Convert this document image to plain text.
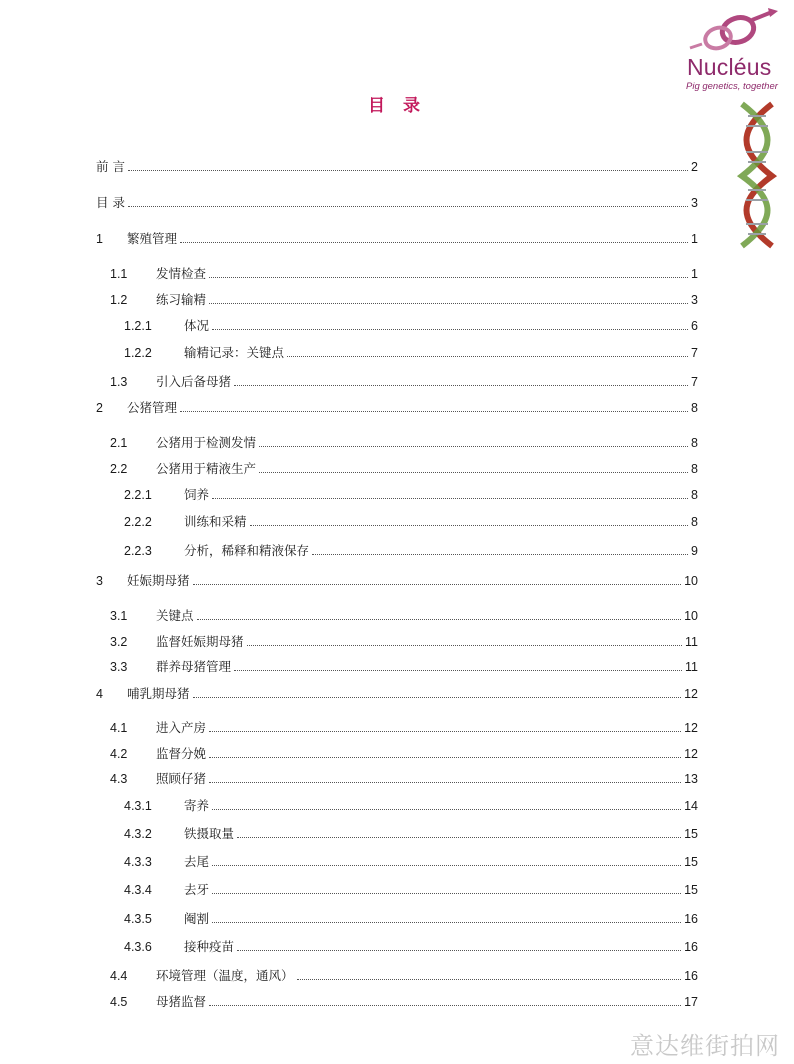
Nucléus
Pig genetics, together
目 录
前 言	2
目 录	3
1	繁殖管理	1
1.1	发情检查	1
1.2	练习输精	3
1.2.1	体况	6
1.2.2	输精记录：关键点	7
1.3	引入后备母猪	7
2	公猪管理	8
2.1	公猪用于检测发情	8
2.2	公猪用于精液生产	8
2.2.1	饲养	8
2.2.2	训练和采精	8
2.2.3	分析，稀释和精液保存	9
3	妊娠期母猪	10
3.1	关键点	10
3.2	监督妊娠期母猪	11
3.3	群养母猪管理	11
4	哺乳期母猪	12
4.1	进入产房	12
4.2	监督分娩	12
4.3	照顾仔猪	13
4.3.1	寄养	14
4.3.2	铁摄取量	15
4.3.3	去尾	15
4.3.4	去牙	15
4.3.5	阉割	16
4.3.6	接种疫苗	16
4.4	环境管理（温度，通风）	16
4.5	母猪监督	17
意达维街拍网
